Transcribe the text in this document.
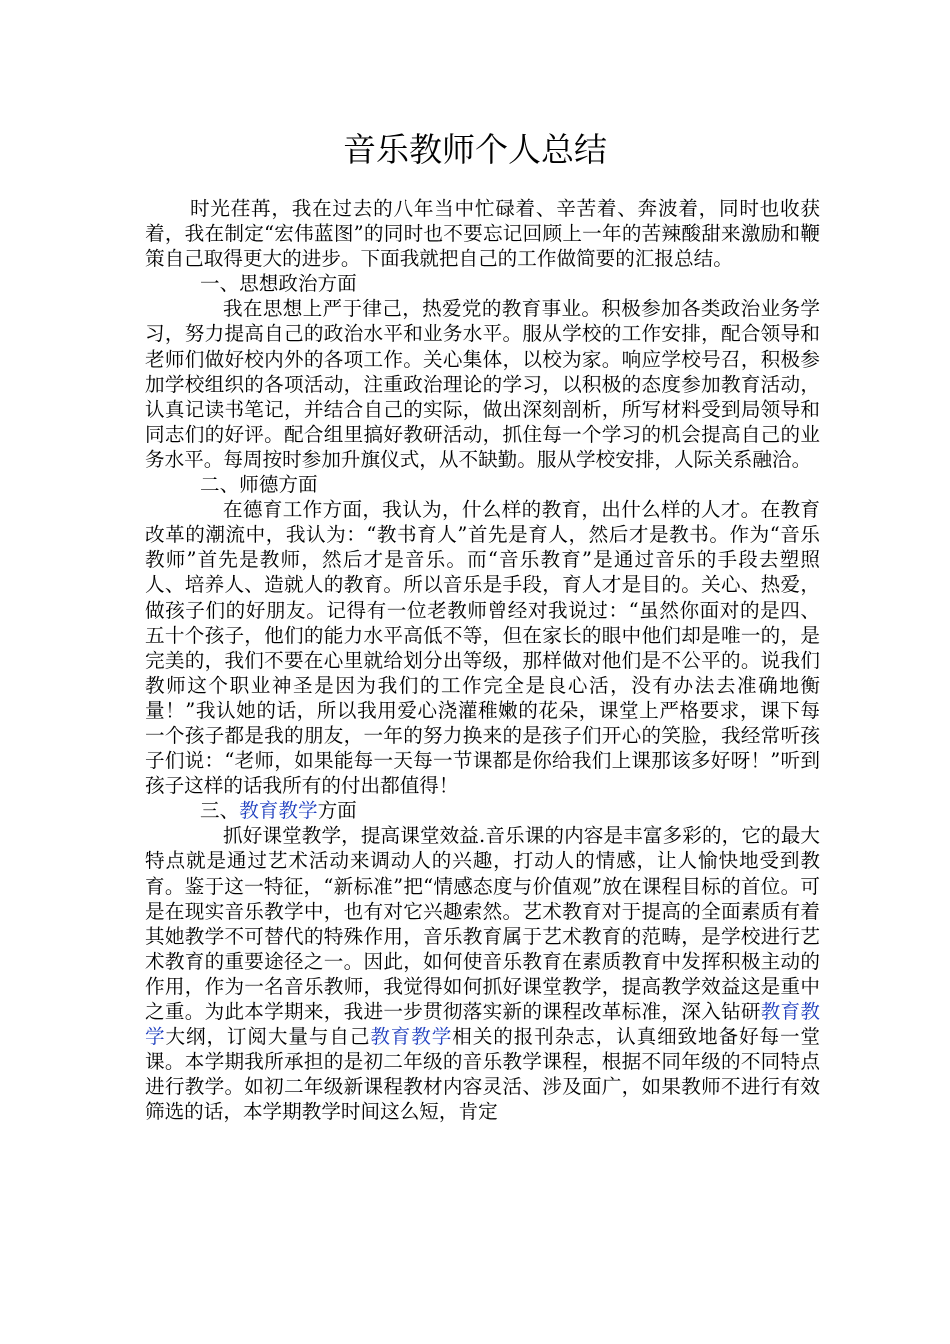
音乐教师个人总结

时光荏苒，我在过去的八年当中忙碌着、辛苦着、奔波着，同时也收获着，我在制定“宏伟蓝图”的同时也不要忘记回顾上一年的苦辣酸甜来激励和鞭策自己取得更大的进步。下面我就把自己的工作做简要的汇报总结。

一、思想政治方面

我在思想上严于律己，热爱党的教育事业。积极参加各类政治业务学习，努力提高自己的政治水平和业务水平。服从学校的工作安排，配合领导和老师们做好校内外的各项工作。关心集体，以校为家。响应学校号召，积极参加学校组织的各项活动，注重政治理论的学习，以积极的态度参加教育活动，认真记读书笔记，并结合自己的实际，做出深刻剖析，所写材料受到局领导和同志们的好评。配合组里搞好教研活动，抓住每一个学习的机会提高自己的业务水平。每周按时参加升旗仪式，从不缺勤。服从学校安排，人际关系融洽。

二、师德方面

在德育工作方面，我认为，什么样的教育，出什么样的人才。在教育改革的潮流中，我认为：“教书育人”首先是育人，然后才是教书。作为“音乐教师”首先是教师，然后才是音乐。而“音乐教育”是通过音乐的手段去塑照人、培养人、造就人的教育。所以音乐是手段，育人才是目的。关心、热爱，做孩子们的好朋友。记得有一位老教师曾经对我说过：“虽然你面对的是四、五十个孩子，他们的能力水平高低不等，但在家长的眼中他们却是唯一的，是完美的，我们不要在心里就给划分出等级，那样做对他们是不公平的。说我们教师这个职业神圣是因为我们的工作完全是良心活，没有办法去准确地衡量！”我认她的话，所以我用爱心浇灌稚嫩的花朵，课堂上严格要求，课下每一个孩子都是我的朋友，一年的努力换来的是孩子们开心的笑脸，我经常听孩子们说：“老师，如果能每一天每一节课都是你给我们上课那该多好呀！”听到孩子这样的话我所有的付出都值得！

三、教育教学方面

抓好课堂教学，提高课堂效益.音乐课的内容是丰富多彩的，它的最大特点就是通过艺术活动来调动人的兴趣，打动人的情感，让人愉快地受到教育。鉴于这一特征，“新标准”把“情感态度与价值观”放在课程目标的首位。可是在现实音乐教学中，也有对它兴趣索然。艺术教育对于提高的全面素质有着其她教学不可替代的特殊作用，音乐教育属于艺术教育的范畴，是学校进行艺术教育的重要途径之一。因此，如何使音乐教育在素质教育中发挥积极主动的作用，作为一名音乐教师，我觉得如何抓好课堂教学，提高教学效益这是重中之重。为此本学期来，我进一步贯彻落实新的课程改革标准，深入钻研教育教学大纲，订阅大量与自己教育教学相关的报刊杂志，认真细致地备好每一堂课。本学期我所承担的是初二年级的音乐教学课程，根据不同年级的不同特点进行教学。如初二年级新课程教材内容灵活、涉及面广，如果教师不进行有效筛选的话，本学期教学时间这么短，肯定
